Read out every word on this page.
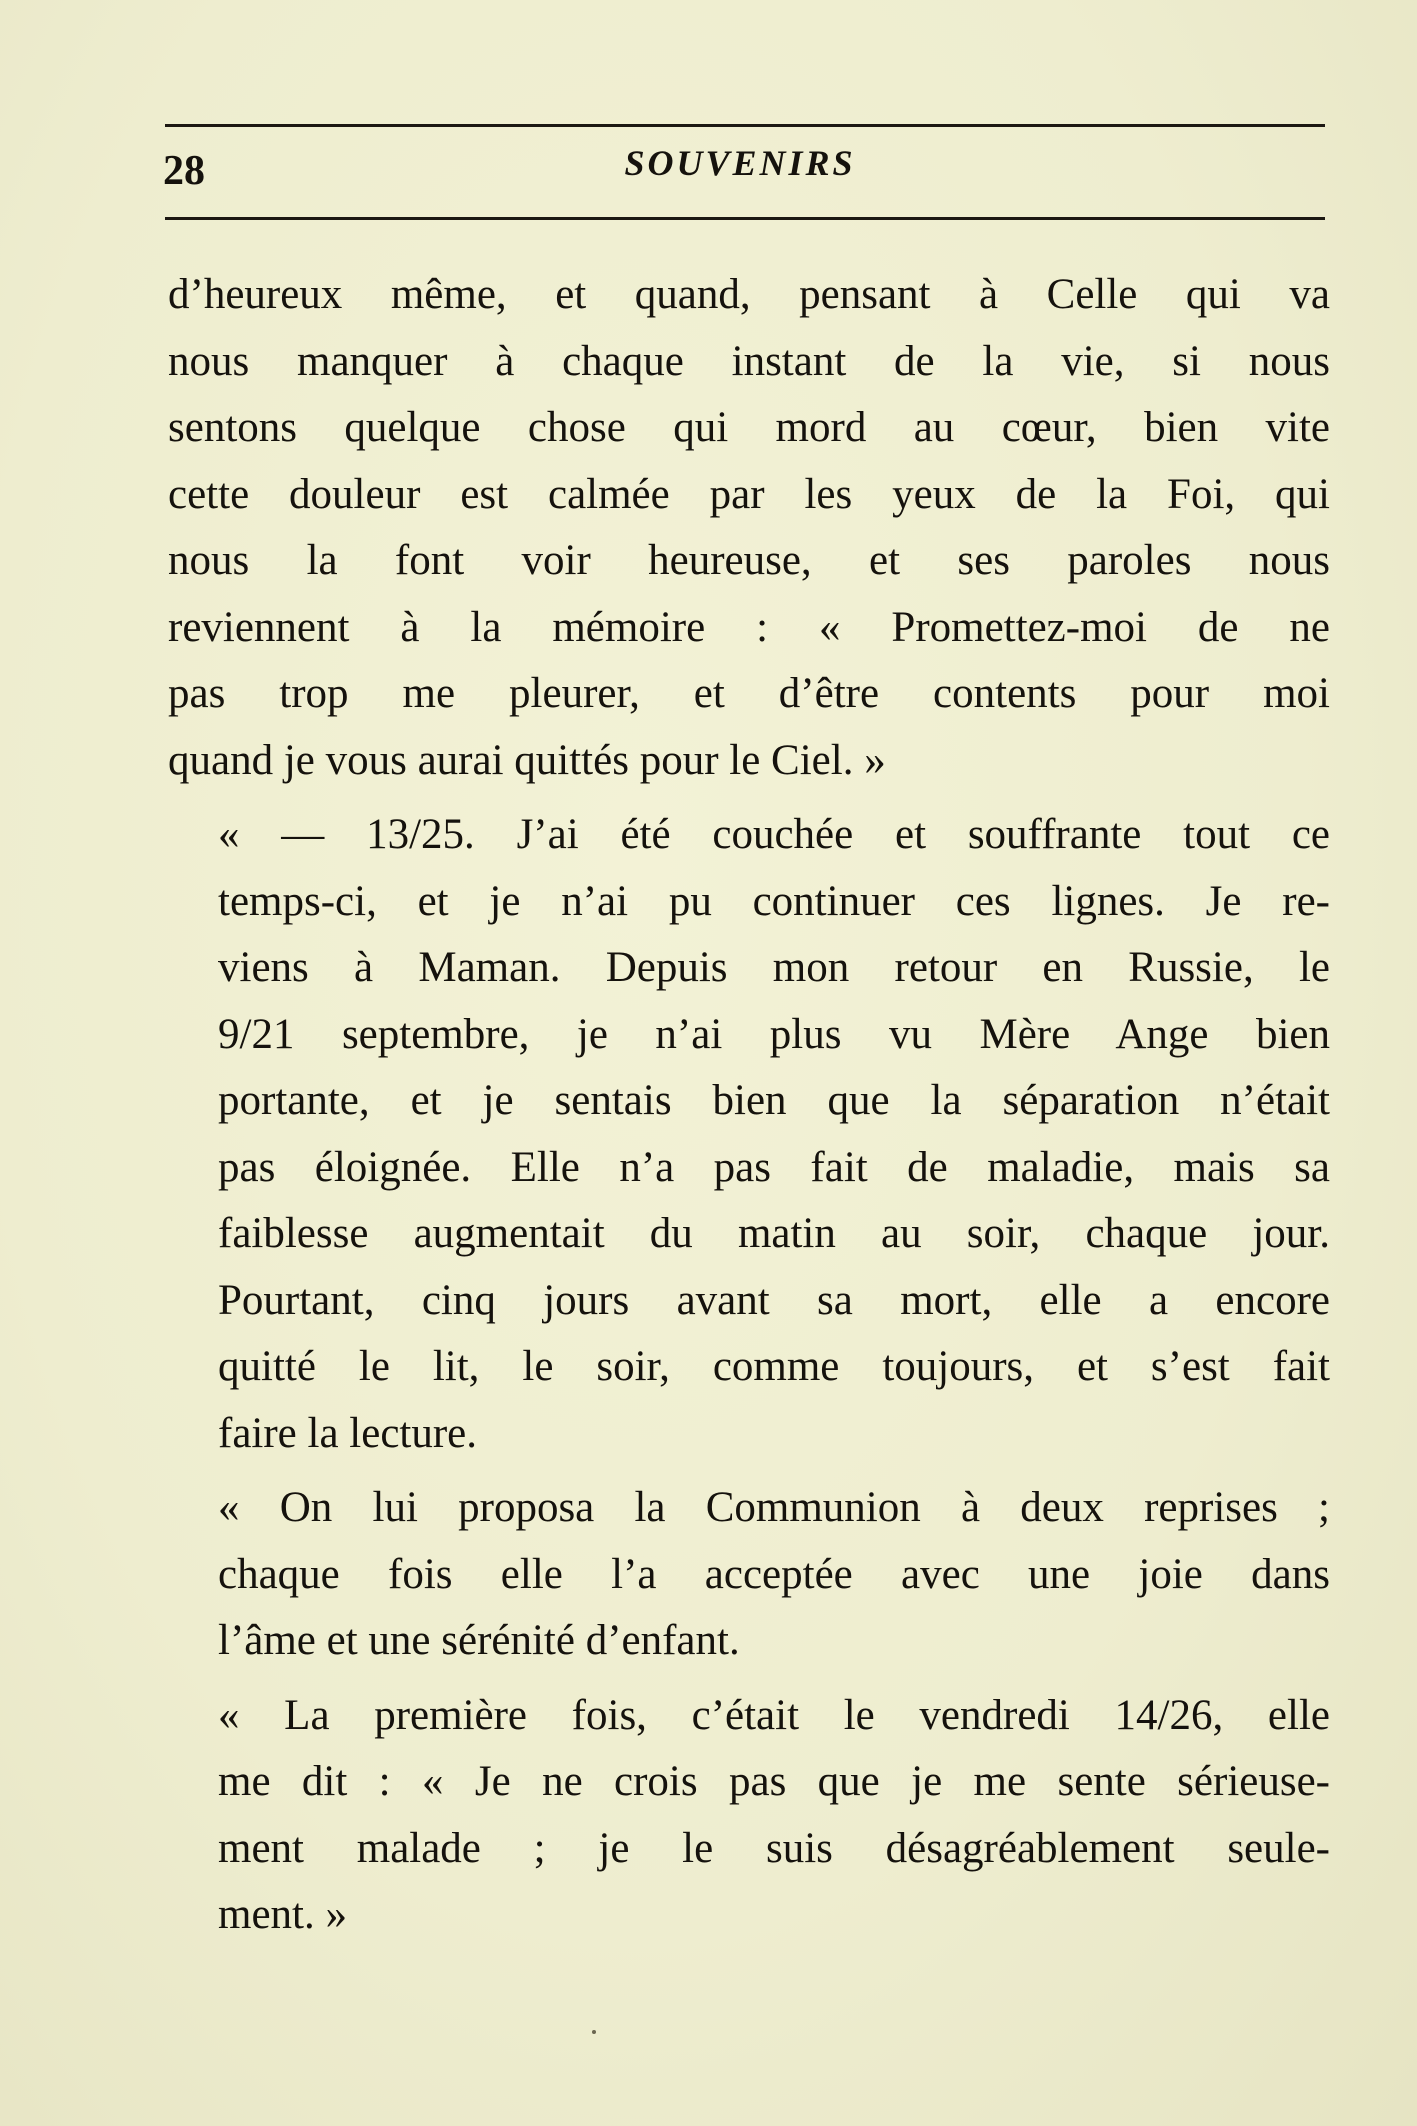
28	SOUVENIRS

d’heureux même, et quand, pensant à Celle qui va
nous manquer à chaque instant de la vie, si nous
sentons quelque chose qui mord au cœur, bien vite
cette douleur est calmée par les yeux de la Foi, qui
nous la font voir heureuse, et ses paroles nous
reviennent à la mémoire : « Promettez-moi de ne
pas trop me pleurer, et d’être contents pour moi
quand je vous aurai quittés pour le Ciel. »

« — 13/25. J’ai été couchée et souffrante tout ce
temps-ci, et je n’ai pu continuer ces lignes. Je re-
viens à Maman. Depuis mon retour en Russie, le
9/21 septembre, je n’ai plus vu Mère Ange bien
portante, et je sentais bien que la séparation n’était
pas éloignée. Elle n’a pas fait de maladie, mais sa
faiblesse augmentait du matin au soir, chaque jour.
Pourtant, cinq jours avant sa mort, elle a encore
quitté le lit, le soir, comme toujours, et s’est fait
faire la lecture.

« On lui proposa la Communion à deux reprises ;
chaque fois elle l’a acceptée avec une joie dans
l’âme et une sérénité d’enfant.

« La première fois, c’était le vendredi 14/26, elle
me dit : « Je ne crois pas que je me sente sérieuse-
ment malade ; je le suis désagréablement seule-
ment. »
